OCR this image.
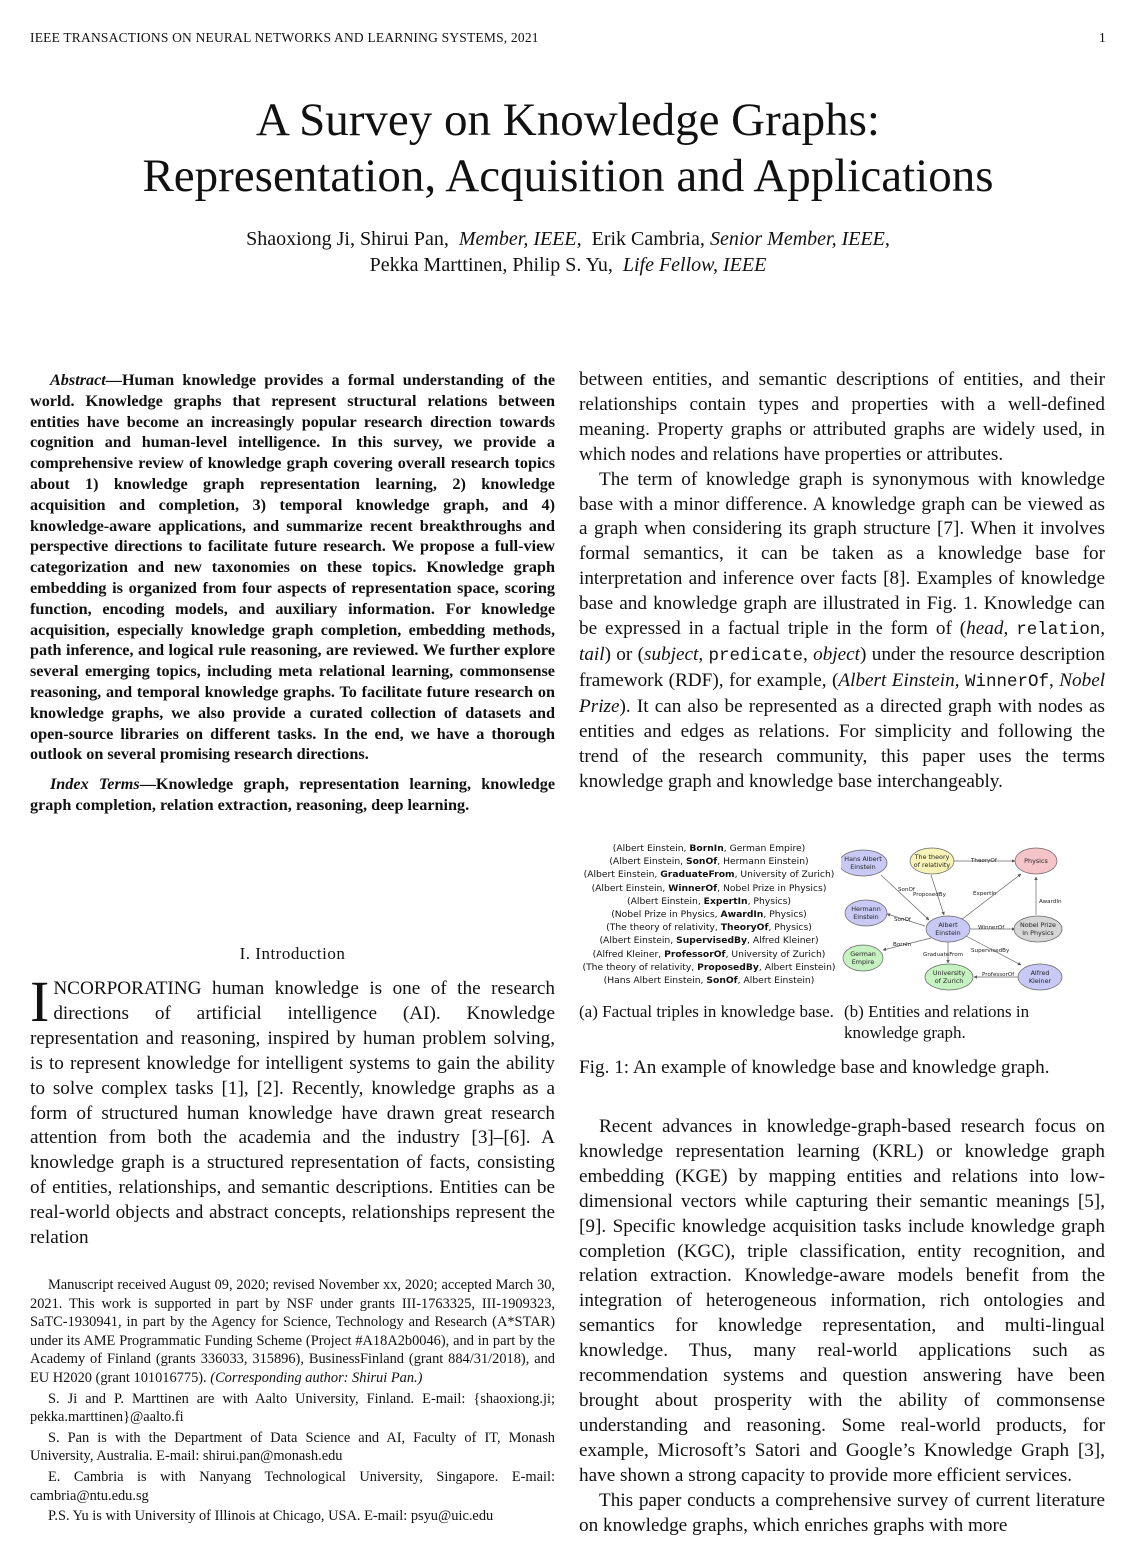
IEEE TRANSACTIONS ON NEURAL NETWORKS AND LEARNING SYSTEMS, 2021	1
A Survey on Knowledge Graphs:
Representation, Acquisition and Applications
Shaoxiong Ji, Shirui Pan, Member, IEEE, Erik Cambria, Senior Member, IEEE,
Pekka Marttinen, Philip S. Yu, Life Fellow, IEEE

Abstract—Human knowledge provides a formal understanding of the world. Knowledge graphs that represent structural relations between entities have become an increasingly popular research direction towards cognition and human-level intelligence. In this survey, we provide a comprehensive review of knowledge graph covering overall research topics about 1) knowledge graph representation learning, 2) knowledge acquisition and completion, 3) temporal knowledge graph, and 4) knowledge-aware applications, and summarize recent breakthroughs and perspective directions to facilitate future research. We propose a full-view categorization and new taxonomies on these topics. Knowledge graph embedding is organized from four aspects of representation space, scoring function, encoding models, and auxiliary information. For knowledge acquisition, especially knowledge graph completion, embedding methods, path inference, and logical rule reasoning, are reviewed. We further explore several emerging topics, including meta relational learning, commonsense reasoning, and temporal knowledge graphs. To facilitate future research on knowledge graphs, we also provide a curated collection of datasets and open-source libraries on different tasks. In the end, we have a thorough outlook on several promising research directions.

Index Terms—Knowledge graph, representation learning, knowledge graph completion, relation extraction, reasoning, deep learning.

I. Introduction
INCORPORATING human knowledge is one of the research directions of artificial intelligence (AI). Knowledge representation and reasoning, inspired by human problem solving, is to represent knowledge for intelligent systems to gain the ability to solve complex tasks [1], [2]. Recently, knowledge graphs as a form of structured human knowledge have drawn great research attention from both the academia and the industry [3]–[6]. A knowledge graph is a structured representation of facts, consisting of entities, relationships, and semantic descriptions. Entities can be real-world objects and abstract concepts, relationships represent the relation

Manuscript received August 09, 2020; revised November xx, 2020; accepted March 30, 2021. This work is supported in part by NSF under grants III-1763325, III-1909323, SaTC-1930941, in part by the Agency for Science, Technology and Research (A*STAR) under its AME Programmatic Funding Scheme (Project #A18A2b0046), and in part by the Academy of Finland (grants 336033, 315896), BusinessFinland (grant 884/31/2018), and EU H2020 (grant 101016775). (Corresponding author: Shirui Pan.)

S. Ji and P. Marttinen are with Aalto University, Finland. E-mail: {shaoxiong.ji; pekka.marttinen}@aalto.fi

S. Pan is with the Department of Data Science and AI, Faculty of IT, Monash University, Australia. E-mail: shirui.pan@monash.edu

E. Cambria is with Nanyang Technological University, Singapore. E-mail: cambria@ntu.edu.sg

P.S. Yu is with University of Illinois at Chicago, USA. E-mail: psyu@uic.edu

between entities, and semantic descriptions of entities, and their relationships contain types and properties with a well-defined meaning. Property graphs or attributed graphs are widely used, in which nodes and relations have properties or attributes.

The term of knowledge graph is synonymous with knowledge base with a minor difference. A knowledge graph can be viewed as a graph when considering its graph structure [7]. When it involves formal semantics, it can be taken as a knowledge base for interpretation and inference over facts [8]. Examples of knowledge base and knowledge graph are illustrated in Fig. 1. Knowledge can be expressed in a factual triple in the form of (head, relation, tail) or (subject, predicate, object) under the resource description framework (RDF), for example, (Albert Einstein, WinnerOf, Nobel Prize). It can also be represented as a directed graph with nodes as entities and edges as relations. For simplicity and following the trend of the research community, this paper uses the terms knowledge graph and knowledge base interchangeably.

(Albert Einstein, BornIn, German Empire)
(Albert Einstein, SonOf, Hermann Einstein)
(Albert Einstein, GraduateFrom, University of Zurich)
(Albert Einstein, WinnerOf, Nobel Prize in Physics)
(Albert Einstein, ExpertIn, Physics)
(Nobel Prize in Physics, AwardIn, Physics)
(The theory of relativity, TheoryOf, Physics)
(Albert Einstein, SupervisedBy, Alfred Kleiner)
(Alfred Kleiner, ProfessorOf, University of Zurich)
(The theory of relativity, ProposedBy, Albert Einstein)
(Hans Albert Einstein, SonOf, Albert Einstein)
TheoryOf
SonOf
ProposedBy	ExpertIn
AwardIn
SonOf
WinnerOf
BornIn
SupervisedBy
GraduateFrom
ProfessorOf
Hans Albert
Einstein
The theory
of relativity	Physics
Hermann
Einstein
Albert
Einstein
Nobel Prize
in Physics
German
Empire
University
of Zurich
Alfred
Kleiner
(a) Factual triples in knowledge base. (b) Entities and relations in knowledge graph.
Fig. 1: An example of knowledge base and knowledge graph.

Recent advances in knowledge-graph-based research focus on knowledge representation learning (KRL) or knowledge graph embedding (KGE) by mapping entities and relations into low-dimensional vectors while capturing their semantic meanings [5], [9]. Specific knowledge acquisition tasks include knowledge graph completion (KGC), triple classification, entity recognition, and relation extraction. Knowledge-aware models benefit from the integration of heterogeneous information, rich ontologies and semantics for knowledge representation, and multi-lingual knowledge. Thus, many real-world applications such as recommendation systems and question answering have been brought about prosperity with the ability of commonsense understanding and reasoning. Some real-world products, for example, Microsoft’s Satori and Google’s Knowledge Graph [3], have shown a strong capacity to provide more efficient services.

This paper conducts a comprehensive survey of current literature on knowledge graphs, which enriches graphs with more
